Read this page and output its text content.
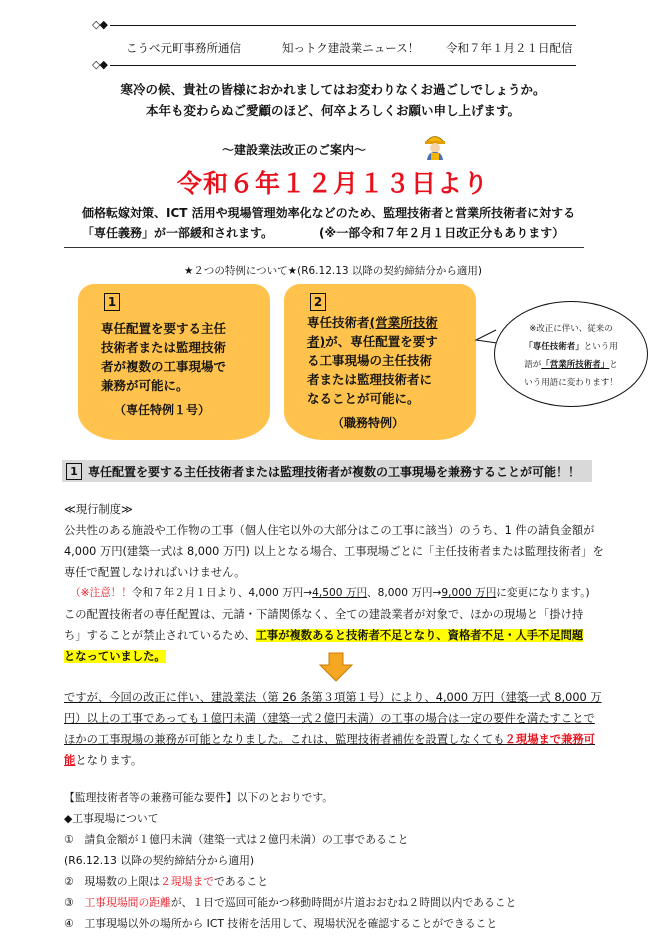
◇◆
こうべ元町事務所通信	知っトク建設業ニュース！ 令和７年１月２１日配信
◇◆
寒冷の候、貴社の皆様におかれましてはお変わりなくお過ごしでしょうか。
本年も変わらぬご愛顧のほど、何卒よろしくお願い申し上げます。
～建設業法改正のご案内～
令和６年１２月１３日より
価格転嫁対策、ICT 活用や現場管理効率化などのため、監理技術者と営業所技術者に対する
「専任義務」が一部緩和されます。	(※一部令和７年２月１日改正分もあります）
★２つの特例について★(R6.12.13 以降の契約締結分から適用)
1
専任配置を要する主任
技術者または監理技術
者が複数の工事現場で
兼務が可能に。
（専任特例１号）
2
専任技術者(営業所技術
者)が、専任配置を要す
る工事現場の主任技術
者または監理技術者に
なることが可能に。
（職務特例）
※改正に伴い、従来の
「専任技術者」という用
語が「営業所技術者」と
いう用語に変わります！
1 専任配置を要する主任技術者または監理技術者が複数の工事現場を兼務することが可能！！
≪現行制度≫
公共性のある施設や工作物の工事（個人住宅以外の大部分はこの工事に該当）のうち、1 件の請負金額が
4,000 万円(建築一式は 8,000 万円) 以上となる場合、工事現場ごとに「主任技術者または監理技術者」を
専任で配置しなければいけません。
（※注意！！令和７年２月１日より、4,000 万円→4,500 万円、8,000 万円→9,000 万円に変更になります。)
この配置技術者の専任配置は、元請・下請関係なく、全ての建設業者が対象で、ほかの現場と「掛け持
ち」することが禁止されているため、工事が複数あると技術者不足となり、資格者不足・人手不足問題
となっていました。
ですが、今回の改正に伴い、建設業法（第 26 条第３項第１号）により、4,000 万円（建築一式 8,000 万
円）以上の工事であっても１億円未満（建築一式２億円未満）の工事の場合は一定の要件を満たすことで
ほかの工事現場の兼務が可能となりました。これは、監理技術者補佐を設置しなくても２現場まで兼務可
能となります。
【監理技術者等の兼務可能な要件】以下のとおりです。
◆工事現場について
①　請負金額が１億円未満（建築一式は２億円未満）の工事であること
(R6.12.13 以降の契約締結分から適用)
②　現場数の上限は２現場までであること
③　工事現場間の距離が、１日で巡回可能かつ移動時間が片道おおむね２時間以内であること
④　工事現場以外の場所から ICT 技術を活用して、現場状況を確認することができること
